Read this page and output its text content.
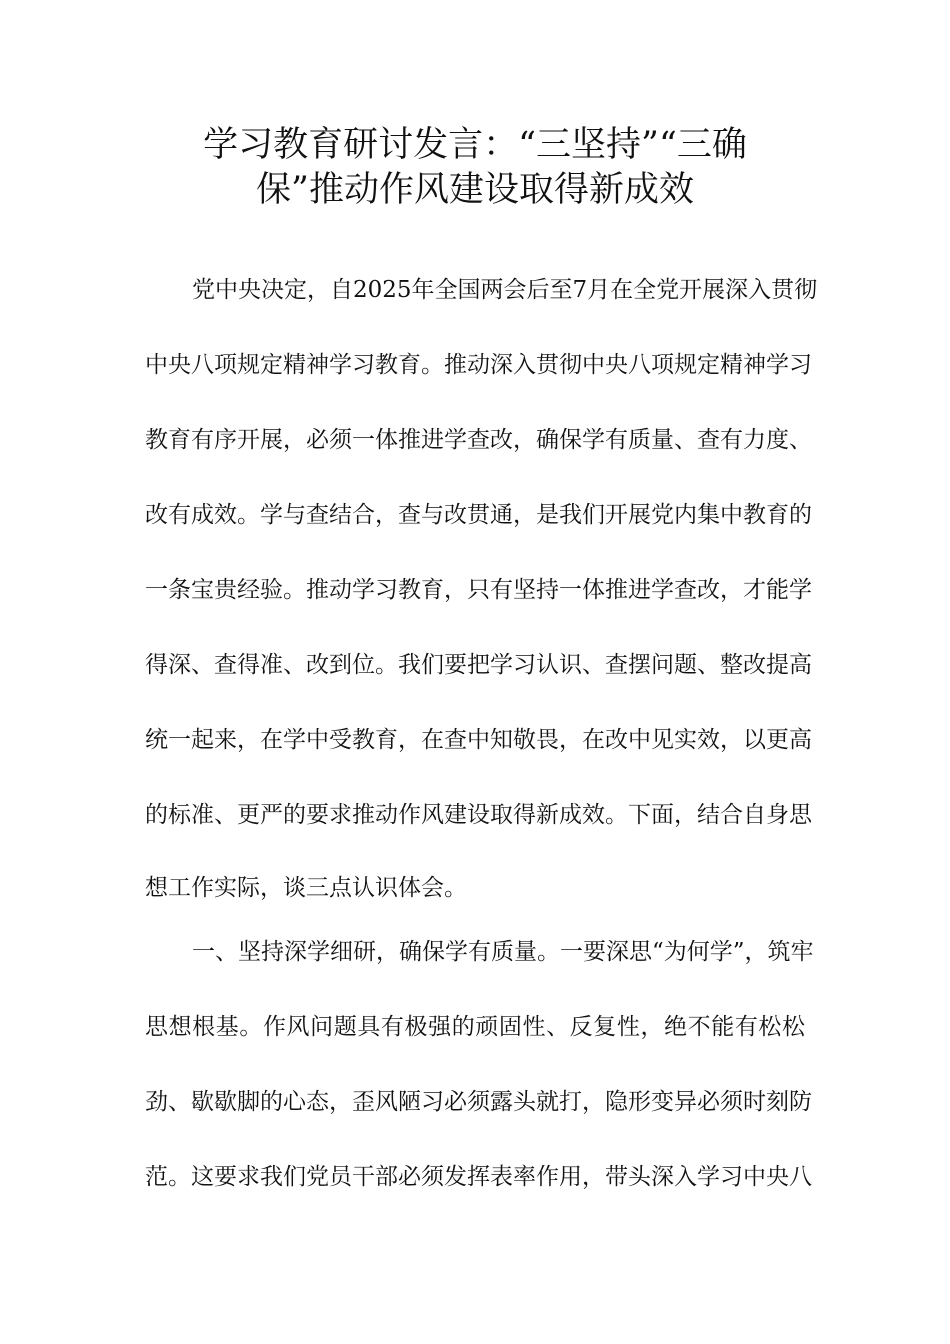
学习教育研讨发言：“三坚持”“三确
保”推动作风建设取得新成效
党中央决定，自2025年全国两会后至7月在全党开展深入贯彻
中央八项规定精神学习教育。推动深入贯彻中央八项规定精神学习
教育有序开展，必须一体推进学查改，确保学有质量、查有力度、
改有成效。学与查结合，查与改贯通，是我们开展党内集中教育的
一条宝贵经验。推动学习教育，只有坚持一体推进学查改，才能学
得深、查得准、改到位。我们要把学习认识、查摆问题、整改提高
统一起来，在学中受教育，在查中知敬畏，在改中见实效，以更高
的标准、更严的要求推动作风建设取得新成效。下面，结合自身思
想工作实际，谈三点认识体会。
一、坚持深学细研，确保学有质量。一要深思“为何学”，筑牢
思想根基。作风问题具有极强的顽固性、反复性，绝不能有松松
劲、歇歇脚的心态，歪风陋习必须露头就打，隐形变异必须时刻防
范。这要求我们党员干部必须发挥表率作用，带头深入学习中央八
